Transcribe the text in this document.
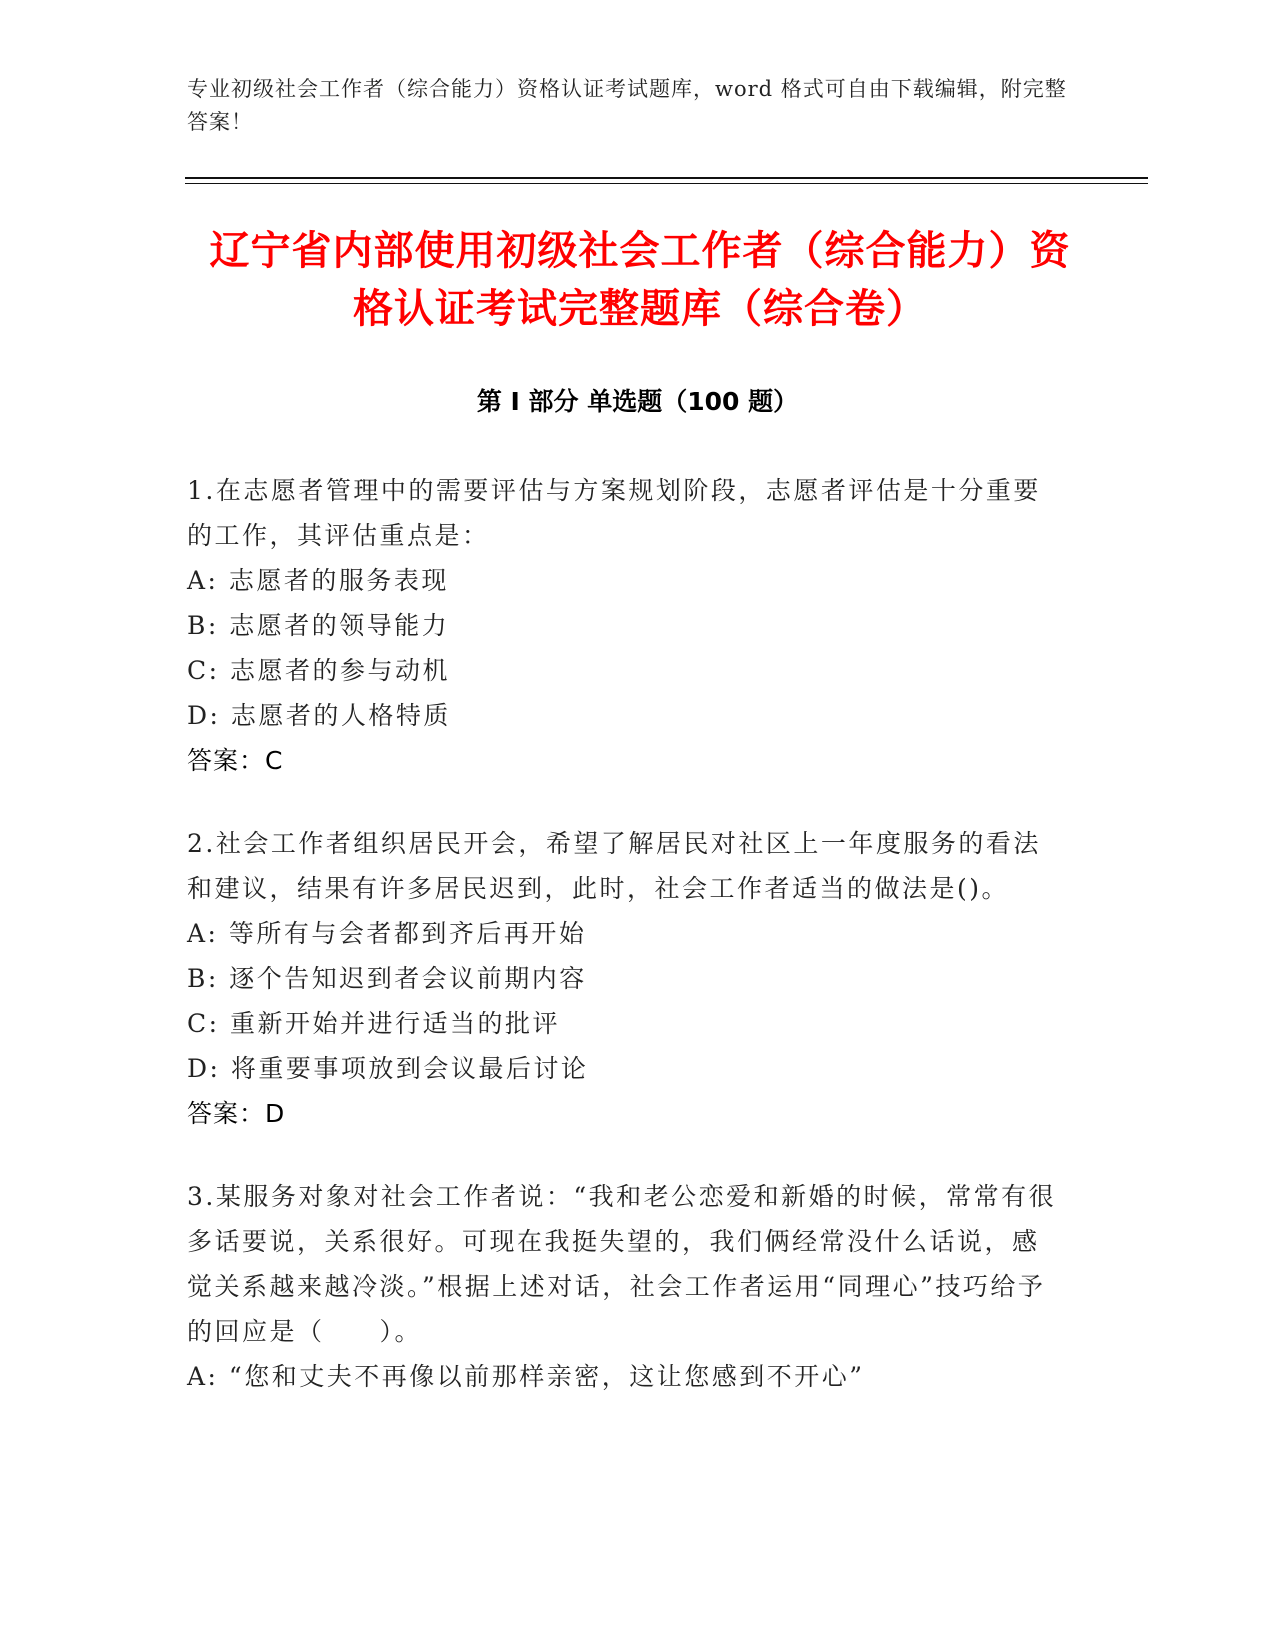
专业初级社会工作者（综合能力）资格认证考试题库，word 格式可自由下载编辑，附完整答案！

辽宁省内部使用初级社会工作者（综合能力）资格认证考试完整题库（综合卷）
第 I 部分 单选题（100 题）

1.在志愿者管理中的需要评估与方案规划阶段，志愿者评估是十分重要的工作，其评估重点是：

A: 志愿者的服务表现

B: 志愿者的领导能力

C: 志愿者的参与动机

D: 志愿者的人格特质

答案：C

2.社会工作者组织居民开会，希望了解居民对社区上一年度服务的看法和建议，结果有许多居民迟到，此时，社会工作者适当的做法是()。

A: 等所有与会者都到齐后再开始

B: 逐个告知迟到者会议前期内容

C: 重新开始并进行适当的批评

D: 将重要事项放到会议最后讨论

答案：D

3.某服务对象对社会工作者说：“我和老公恋爱和新婚的时候，常常有很多话要说，关系很好。可现在我挺失望的，我们俩经常没什么话说，感觉关系越来越冷淡。”根据上述对话，社会工作者运用“同理心”技巧给予的回应是（　　）。

A: “您和丈夫不再像以前那样亲密，这让您感到不开心”
